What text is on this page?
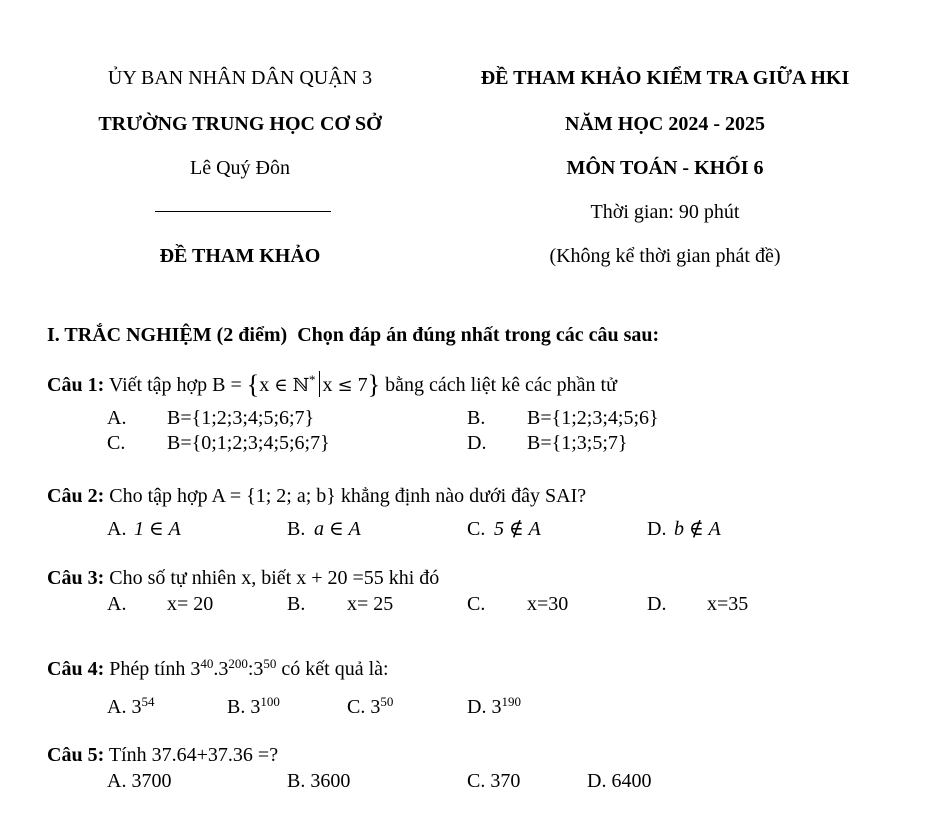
ỦY BAN NHÂN DÂN QUẬN 3
TRƯỜNG TRUNG HỌC CƠ SỞ
Lê Quý Đôn
ĐỀ THAM KHẢO
ĐỀ THAM KHẢO KIỂM TRA GIỮA HKI
NĂM HỌC 2024 - 2025
MÔN TOÁN - KHỐI 6
Thời gian: 90 phút
(Không kể thời gian phát đề)
I. TRẮC NGHIỆM (2 điểm) Chọn đáp án đúng nhất trong các câu sau:
Câu 1: Viết tập hợp B = {x ∈ ℕ* x ≤ 7} bằng cách liệt kê các phần tử
A. B={1;2;3;4;5;6;7}	B. B={1;2;3;4;5;6}
C. B={0;1;2;3;4;5;6;7}	D. B={1;3;5;7}
Câu 2: Cho tập hợp A = {1; 2; a; b} khẳng định nào dưới đây SAI?
A. 1 ∈ A	B. a ∈ A	C. 5 ∉ A	D. b ∉ A
Câu 3: Cho số tự nhiên x, biết x + 20 =55 khi đó
A. x= 20	B. x= 25	C. x=30	D. x=35
Câu 4: Phép tính $3^{40}.3^{200}:3^{50}$ có kết quả là:
A. $3^{54}$	B. $3^{100}$	C. $3^{50}$	D. $3^{190}$
Câu 5: Tính 37.64+37.36 =?
A. 3700	B. 3600	C. 370	D. 6400
